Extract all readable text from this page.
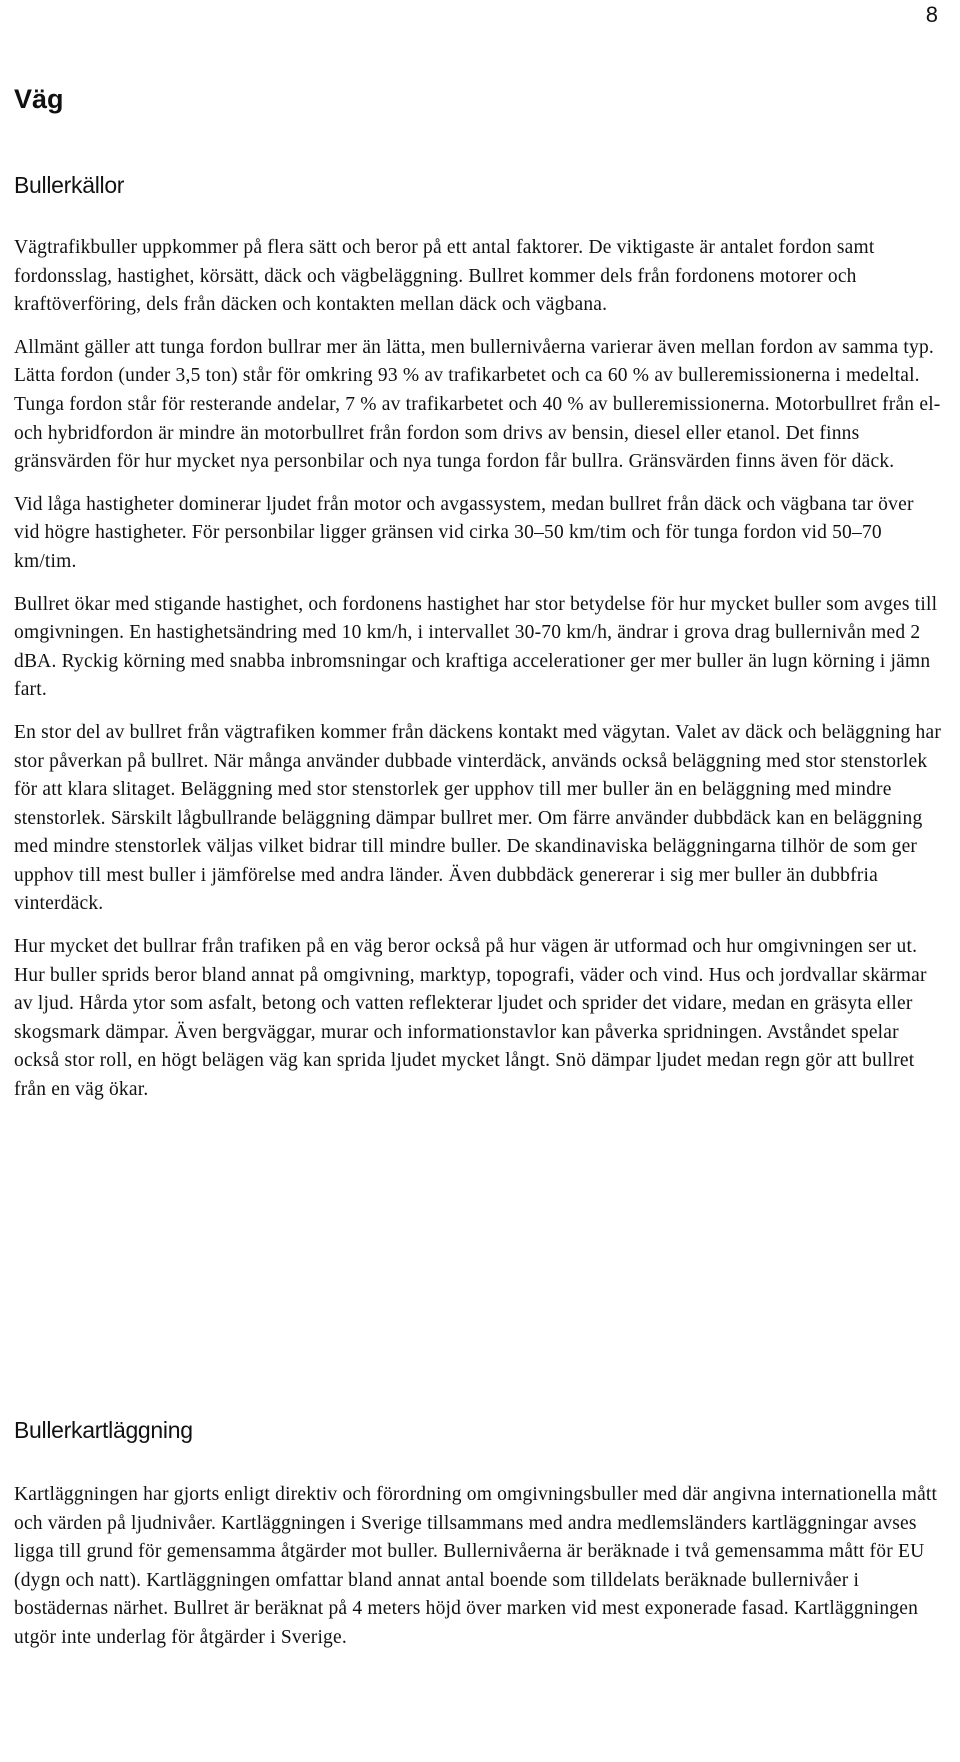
8
Väg
Bullerkällor

Vägtrafikbuller uppkommer på flera sätt och beror på ett antal faktorer. De viktigaste är antalet fordon samt fordonsslag, hastighet, körsätt, däck och vägbeläggning. Bullret kommer dels från fordonens motorer och kraftöverföring, dels från däcken och kontakten mellan däck och vägbana.

Allmänt gäller att tunga fordon bullrar mer än lätta, men bullernivåerna varierar även mellan fordon av samma typ. Lätta fordon (under 3,5 ton) står för omkring 93 % av trafikarbetet och ca 60 % av bulleremissionerna i medeltal. Tunga fordon står för resterande andelar, 7 % av trafikarbetet och 40 % av bulleremissionerna. Motorbullret från el- och hybridfordon är mindre än motorbullret från fordon som drivs av bensin, diesel eller etanol. Det finns gränsvärden för hur mycket nya personbilar och nya tunga fordon får bullra. Gränsvärden finns även för däck.

Vid låga hastigheter dominerar ljudet från motor och avgassystem, medan bullret från däck och vägbana tar över vid högre hastigheter. För personbilar ligger gränsen vid cirka 30–50 km/tim och för tunga fordon vid 50–70 km/tim.

Bullret ökar med stigande hastighet, och fordonens hastighet har stor betydelse för hur mycket buller som avges till omgivningen. En hastighetsändring med 10 km/h, i intervallet 30-70 km/h, ändrar i grova drag bullernivån med 2 dBA. Ryckig körning med snabba inbromsningar och kraftiga accelerationer ger mer buller än lugn körning i jämn fart.

En stor del av bullret från vägtrafiken kommer från däckens kontakt med vägytan. Valet av däck och beläggning har stor påverkan på bullret. När många använder dubbade vinterdäck, används också beläggning med stor stenstorlek för att klara slitaget. Beläggning med stor stenstorlek ger upphov till mer buller än en beläggning med mindre stenstorlek. Särskilt lågbullrande beläggning dämpar bullret mer. Om färre använder dubbdäck kan en beläggning med mindre stenstorlek väljas vilket bidrar till mindre buller. De skandinaviska beläggningarna tilhör de som ger upphov till mest buller i jämförelse med andra länder. Även dubbdäck genererar i sig mer buller än dubbfria vinterdäck.

Hur mycket det bullrar från trafiken på en väg beror också på hur vägen är utformad och hur omgivningen ser ut. Hur buller sprids beror bland annat på omgivning, marktyp, topografi, väder och vind. Hus och jordvallar skärmar av ljud. Hårda ytor som asfalt, betong och vatten reflekterar ljudet och sprider det vidare, medan en gräsyta eller skogsmark dämpar. Även bergväggar, murar och informationstavlor kan påverka spridningen. Avståndet spelar också stor roll, en högt belägen väg kan sprida ljudet mycket långt. Snö dämpar ljudet medan regn gör att bullret från en väg ökar.

Bullerkartläggning

Kartläggningen har gjorts enligt direktiv och förordning om omgivningsbuller med där angivna internationella mått och värden på ljudnivåer. Kartläggningen i Sverige tillsammans med andra medlemsländers kartläggningar avses ligga till grund för gemensamma åtgärder mot buller. Bullernivåerna är beräknade i två gemensamma mått för EU (dygn och natt). Kartläggningen omfattar bland annat antal boende som tilldelats beräknade bullernivåer i bostädernas närhet. Bullret är beräknat på 4 meters höjd över marken vid mest exponerade fasad. Kartläggningen utgör inte underlag för åtgärder i Sverige.
